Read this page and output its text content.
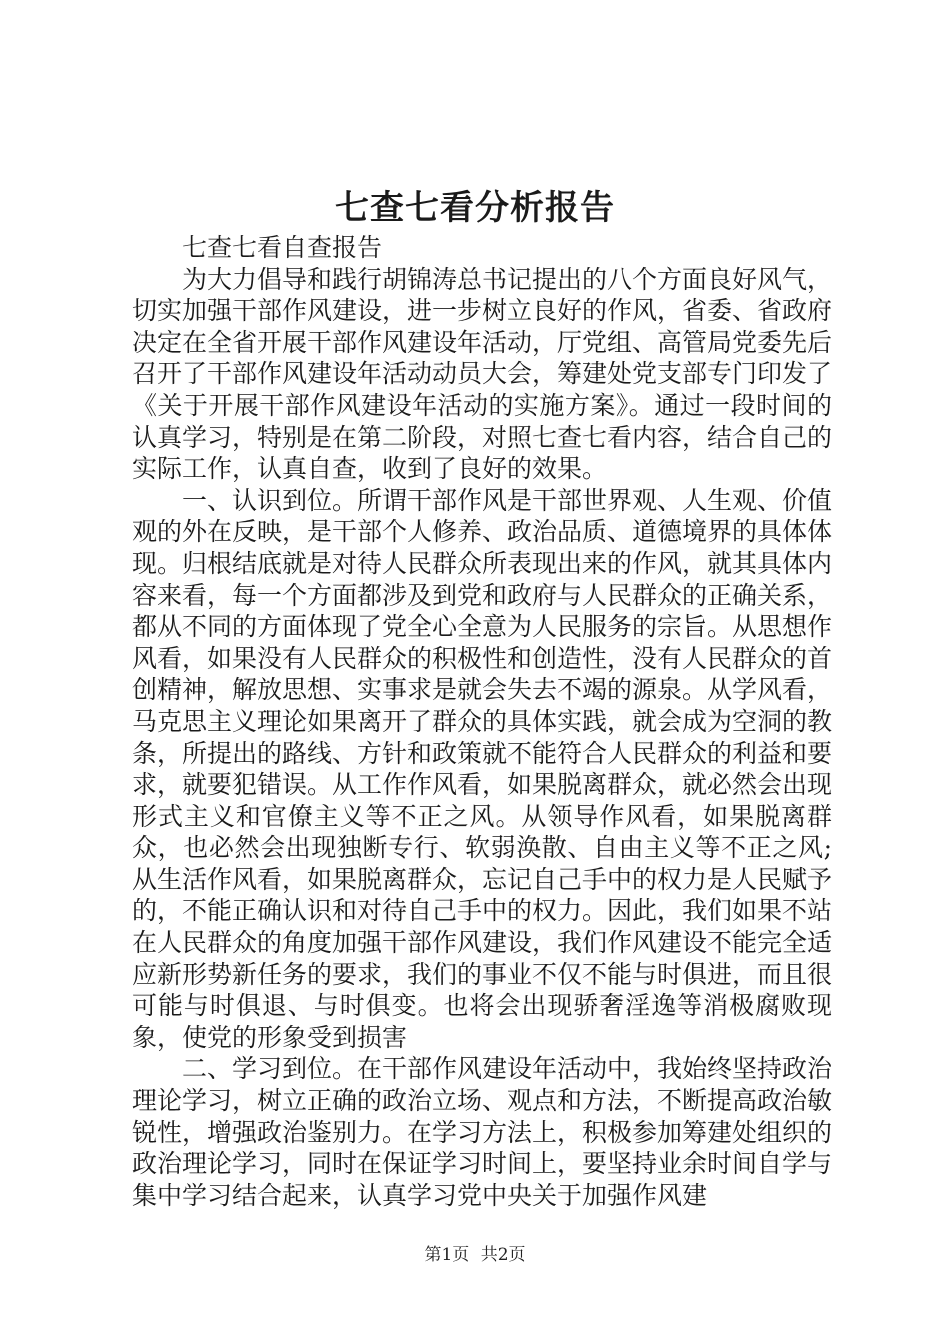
七查七看分析报告

七查七看自查报告

为大力倡导和践行胡锦涛总书记提出的八个方面良好风气，切实加强干部作风建设，进一步树立良好的作风，省委、省政府决定在全省开展干部作风建设年活动，厅党组、高管局党委先后召开了干部作风建设年活动动员大会，筹建处党支部专门印发了《关于开展干部作风建设年活动的实施方案》。通过一段时间的认真学习，特别是在第二阶段，对照七查七看内容，结合自己的实际工作，认真自查，收到了良好的效果。

一、认识到位。所谓干部作风是干部世界观、人生观、价值观的外在反映，是干部个人修养、政治品质、道德境界的具体体现。归根结底就是对待人民群众所表现出来的作风，就其具体内容来看，每一个方面都涉及到党和政府与人民群众的正确关系，都从不同的方面体现了党全心全意为人民服务的宗旨。从思想作风看，如果没有人民群众的积极性和创造性，没有人民群众的首创精神，解放思想、实事求是就会失去不竭的源泉。从学风看，马克思主义理论如果离开了群众的具体实践，就会成为空洞的教条，所提出的路线、方针和政策就不能符合人民群众的利益和要求，就要犯错误。从工作作风看，如果脱离群众，就必然会出现形式主义和官僚主义等不正之风。从领导作风看，如果脱离群众，也必然会出现独断专行、软弱涣散、自由主义等不正之风;从生活作风看，如果脱离群众，忘记自己手中的权力是人民赋予的，不能正确认识和对待自己手中的权力。因此，我们如果不站在人民群众的角度加强干部作风建设，我们作风建设不能完全适应新形势新任务的要求，我们的事业不仅不能与时俱进，而且很可能与时俱退、与时俱变。也将会出现骄奢淫逸等消极腐败现象，使党的形象受到损害

二、学习到位。在干部作风建设年活动中，我始终坚持政治理论学习，树立正确的政治立场、观点和方法，不断提高政治敏锐性，增强政治鉴别力。在学习方法上，积极参加筹建处组织的政治理论学习，同时在保证学习时间上，要坚持业余时间自学与集中学习结合起来，认真学习党中央关于加强作风建

第1页 共2页
